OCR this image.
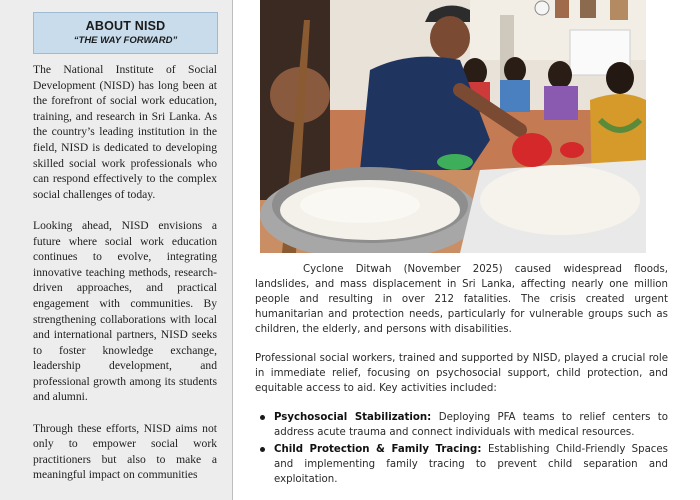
ABOUT NISD
“THE WAY FORWARD”

The National Institute of Social Development (NISD) has long been at the forefront of social work education, training, and research in Sri Lanka. As the country’s leading institution in the field, NISD is dedicated to developing skilled social work professionals who can respond effectively to the complex social challenges of today.

Looking ahead, NISD envisions a future where social work education continues to evolve, integrating innovative teaching methods, research-driven approaches, and practical engagement with communities. By strengthening collaborations with local and international partners, NISD seeks to foster knowledge exchange, leadership development, and professional growth among its students and alumni.

Through these efforts, NISD aims not only to empower social work practitioners but also to make a meaningful impact on communities

Cyclone Ditwah (November 2025) caused widespread floods, landslides, and mass displacement in Sri Lanka, affecting nearly one million people and resulting in over 212 fatalities. The crisis created urgent humanitarian and protection needs, particularly for vulnerable groups such as children, the elderly, and persons with disabilities.

Professional social workers, trained and supported by NISD, played a crucial role in immediate relief, focusing on psychosocial support, child protection, and equitable access to aid. Key activities included:

Psychosocial Stabilization: Deploying PFA teams to relief centers to address acute trauma and connect individuals with medical resources.
Child Protection & Family Tracing: Establishing Child-Friendly Spaces and implementing family tracing to prevent child separation and exploitation.
